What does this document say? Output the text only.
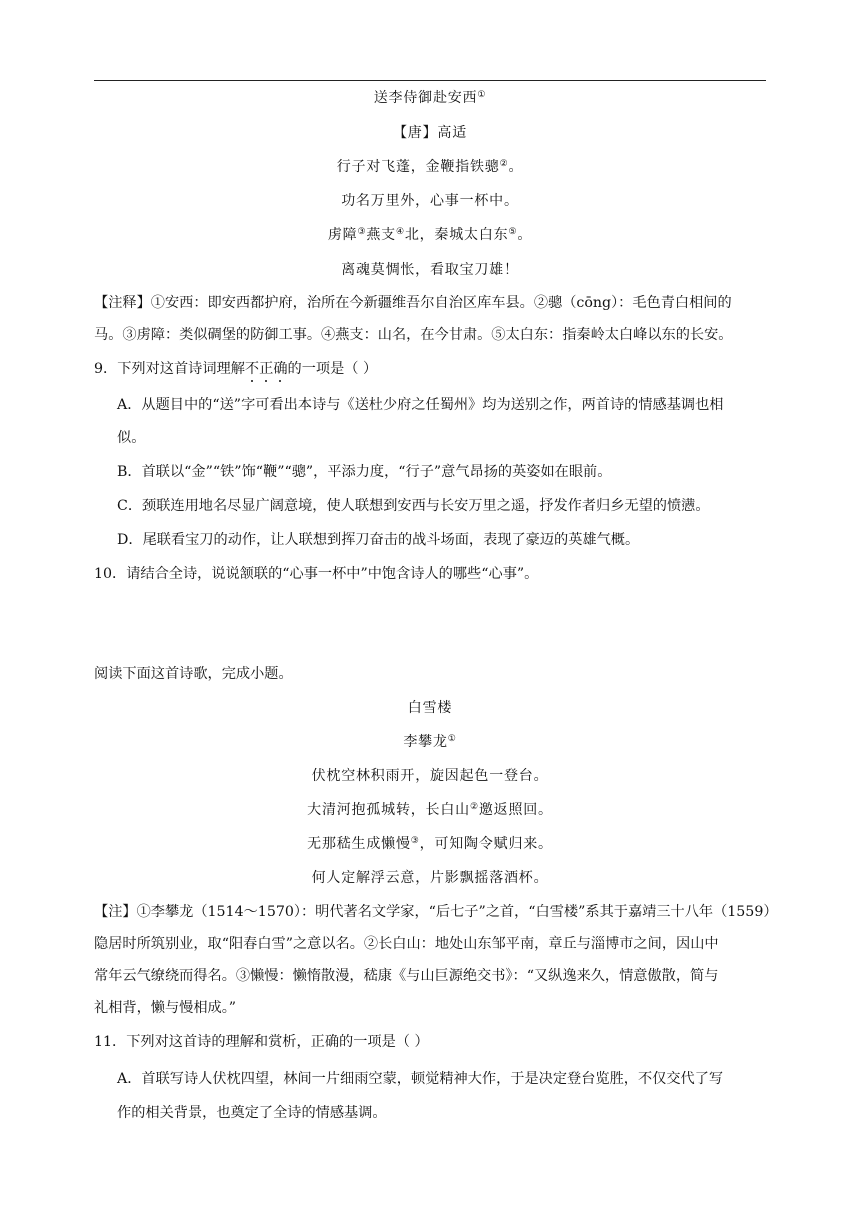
送李侍御赴安西①
【唐】高适
行子对飞蓬，金鞭指铁骢②。
功名万里外，心事一杯中。
虏障③燕支④北，秦城太白东⑤。
离魂莫惆怅，看取宝刀雄！
【注释】①安西：即安西都护府，治所在今新疆维吾尔自治区库车县。②骢（cōng）：毛色青白相间的
马。③虏障：类似碉堡的防御工事。④燕支：山名，在今甘肃。⑤太白东：指秦岭太白峰以东的长安。
9．下列对这首诗词理解不正确的一项是（ ）
A．从题目中的“送”字可看出本诗与《送杜少府之任蜀州》均为送别之作，两首诗的情感基调也相
似。
B．首联以“金”“铁”饰“鞭”“骢”，平添力度，“行子”意气昂扬的英姿如在眼前。
C．颈联连用地名尽显广阔意境，使人联想到安西与长安万里之遥，抒发作者归乡无望的愤懑。
D．尾联看宝刀的动作，让人联想到挥刀奋击的战斗场面，表现了豪迈的英雄气概。
10．请结合全诗，说说颔联的“心事一杯中”中饱含诗人的哪些“心事”。
阅读下面这首诗歌，完成小题。
白雪楼
李攀龙①
伏枕空林积雨开，旋因起色一登台。
大清河抱孤城转，长白山②邀返照回。
无那嵇生成懒慢③，可知陶令赋归来。
何人定解浮云意，片影飘摇落酒杯。
【注】①李攀龙（1514～1570）：明代著名文学家，“后七子”之首，“白雪楼”系其于嘉靖三十八年（1559）
隐居时所筑别业，取“阳春白雪”之意以名。②长白山：地处山东邹平南，章丘与淄博市之间，因山中
常年云气缭绕而得名。③懒慢：懒惰散漫，嵇康《与山巨源绝交书》：“又纵逸来久，情意傲散，简与
礼相背，懒与慢相成。”
11．下列对这首诗的理解和赏析，正确的一项是（ ）
A．首联写诗人伏枕四望，林间一片细雨空蒙，顿觉精神大作，于是决定登台览胜，不仅交代了写
作的相关背景，也奠定了全诗的情感基调。
